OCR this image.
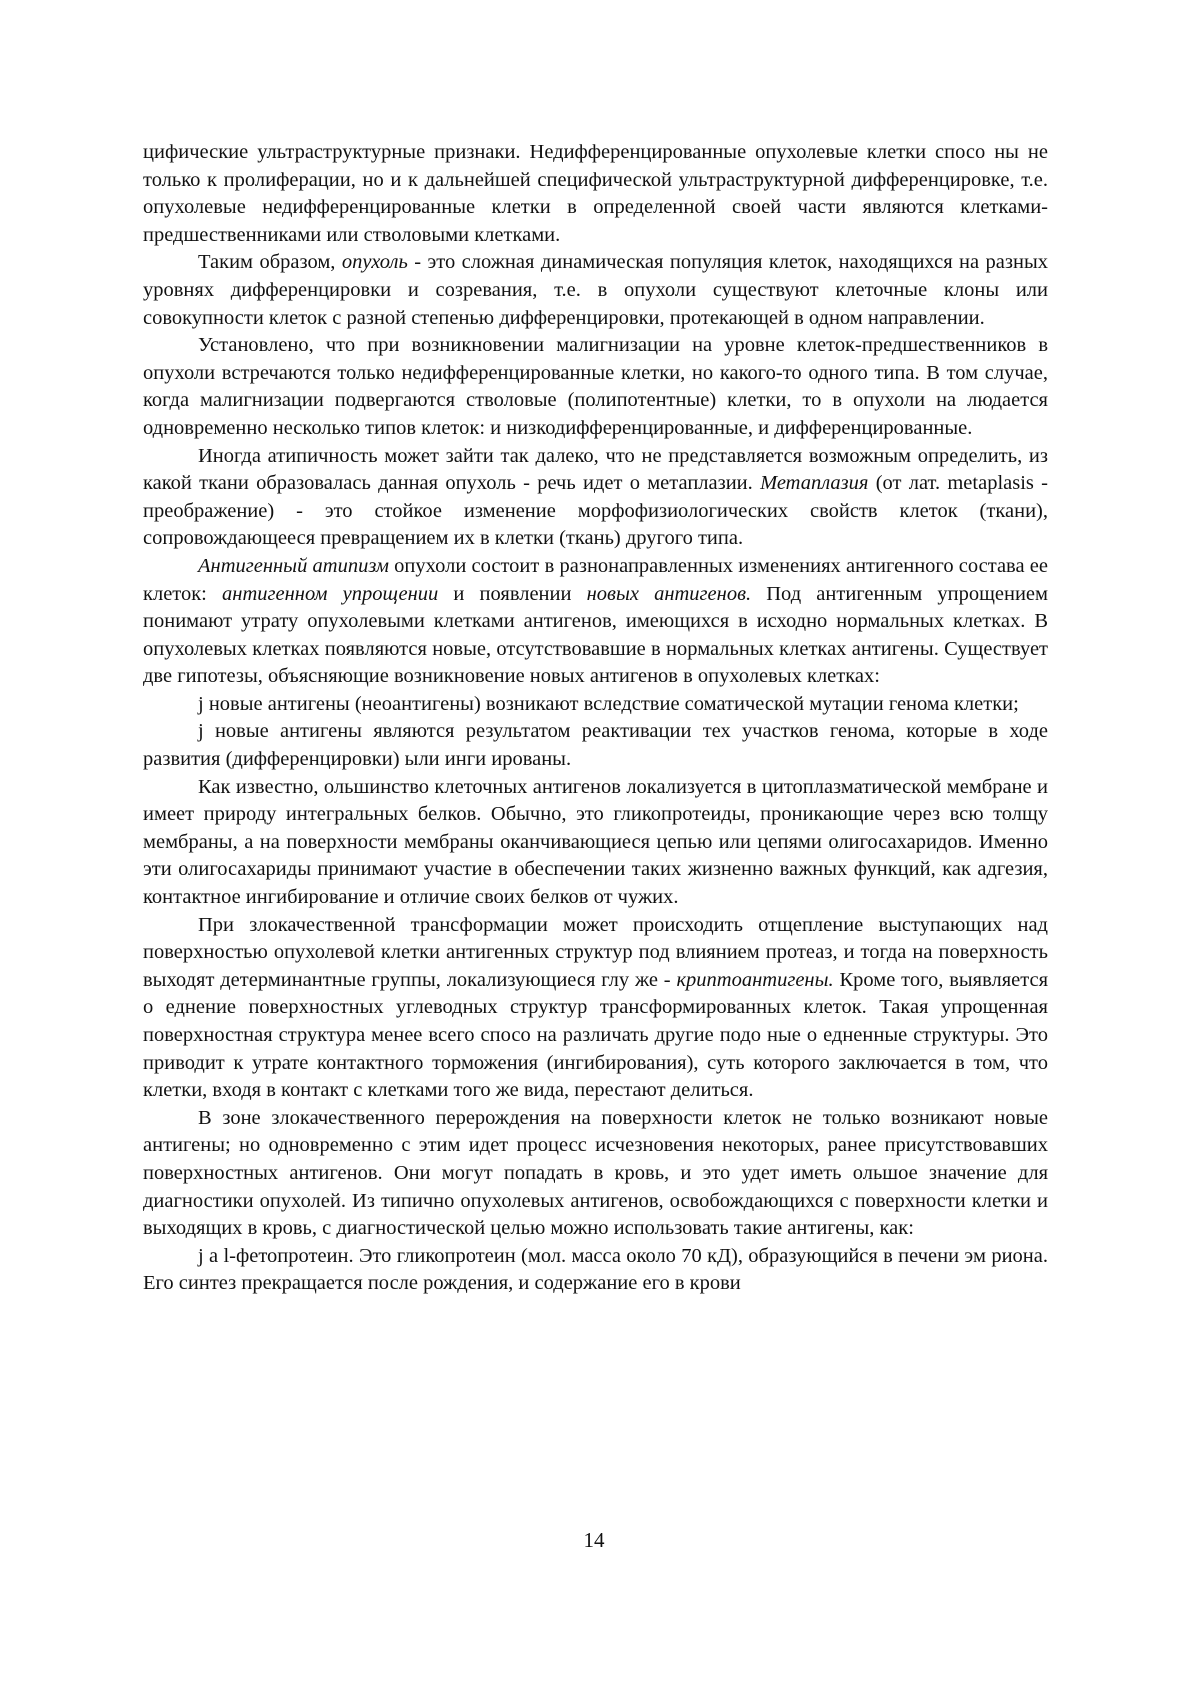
цифические ультраструктурные признаки. Недифференцированные опухолевые клетки спосо ны не только к пролиферации, но и к дальнейшей специфической ультраструктурной дифференцировке, т.е. опухолевые недифференцированные клетки в определенной своей части являются клетками-предшественниками или стволовыми клетками.

Таким образом, опухоль - это сложная динамическая популяция клеток, находящихся на разных уровнях дифференцировки и созревания, т.е. в опухоли существуют клеточные клоны или совокупности клеток с разной степенью дифференцировки, протекающей в одном направлении.

Установлено, что при возникновении малигнизации на уровне клеток-предшественников в опухоли встречаются только недифференцированные клетки, но какого-то одного типа. В том случае, когда малигнизации подвергаются стволовые (полипотентные) клетки, то в опухоли на людается одновременно несколько типов клеток: и низкодифференцированные, и дифференцированные.

Иногда атипичность может зайти так далеко, что не представляется возможным определить, из какой ткани образовалась данная опухоль - речь идет о метаплазии. Метаплазия (от лат. metaplasis - преображение) - это стойкое изменение морфофизиологических свойств клеток (ткани), сопровождающееся превращением их в клетки (ткань) другого типа.

Антигенный атипизм опухоли состоит в разнонаправленных изменениях антигенного состава ее клеток: антигенном упрощении и появлении новых антигенов. Под антигенным упрощением понимают утрату опухолевыми клетками антигенов, имеющихся в исходно нормальных клетках. В опухолевых клетках появляются новые, отсутствовавшие в нормальных клетках антигены. Существует две гипотезы, объясняющие возникновение новых антигенов в опухолевых клетках:

j новые антигены (неоантигены) возникают вследствие соматической мутации генома клетки;

j новые антигены являются результатом реактивации тех участков генома, которые в ходе развития (дифференцировки) ыли инги ированы.

Как известно, ольшинство клеточных антигенов локализуется в цитоплазматической мембране и имеет природу интегральных белков. Обычно, это гликопротеиды, проникающие через всю толщу мембраны, а на поверхности мембраны оканчивающиеся цепью или цепями олигосахаридов. Именно эти олигосахариды принимают участие в обеспечении таких жизненно важных функций, как адгезия, контактное ингибирование и отличие своих белков от чужих.

При злокачественной трансформации может происходить отщепление выступающих над поверхностью опухолевой клетки антигенных структур под влиянием протеаз, и тогда на поверхность выходят детерминантные группы, локализующиеся глу же - криптоантигены. Кроме того, выявляется о еднение поверхностных углеводных структур трансформированных клеток. Такая упрощенная поверхностная структура менее всего спосо на различать другие подо ные о едненные структуры. Это приводит к утрате контактного торможения (ингибирования), суть которого заключается в том, что клетки, входя в контакт с клетками того же вида, перестают делиться.

В зоне злокачественного перерождения на поверхности клеток не только возникают новые антигены; но одновременно с этим идет процесс исчезновения некоторых, ранее присутствовавших поверхностных антигенов. Они могут попадать в кровь, и это удет иметь ольшое значение для диагностики опухолей. Из типично опухолевых антигенов, освобождающихся с поверхности клетки и выходящих в кровь, с диагностической целью можно использовать такие антигены, как:

j a l-фетопротеин. Это гликопротеин (мол. масса около 70 кД), образующийся в печени эм риона. Его синтез прекращается после рождения, и содержание его в крови

14
